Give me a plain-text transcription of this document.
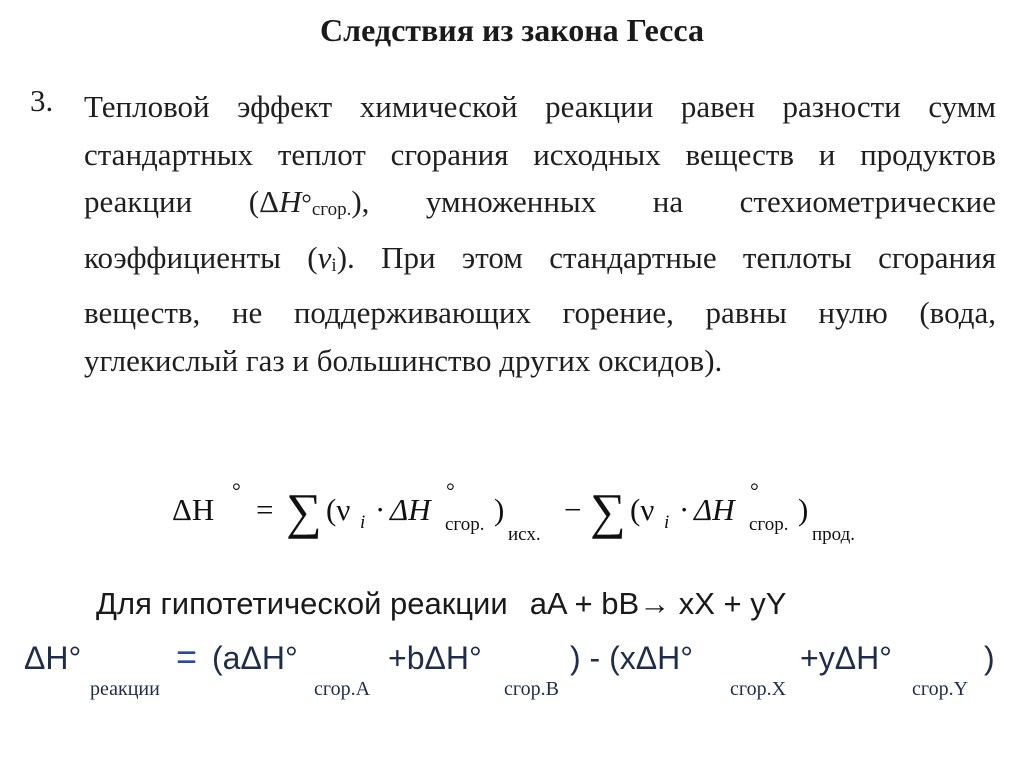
Следствия из закона Гесса
3. Тепловой эффект химической реакции равен разности сумм стандартных теплот сгорания исходных веществ и продуктов реакции $(\Delta H^\circ_{сгор.})$, умноженных на стехиометрические коэффициенты $(v_i)$. При этом стандартные теплоты сгорания веществ, не поддерживающих горение, равны нулю (вода, углекислый газ и большинство других оксидов).
ΔH
°
= ∑ (ν i · ΔH
°
сгор. )
исх.
− ∑ (ν i · ΔH
°
сгор. )
прод.
Для гипотетической реакции aA + bB→ xX + yY
ΔH°
реакции
= (aΔH°
сгор.A
+bΔH°
сгор.B
) - (xΔH°
сгор.X
+yΔH°
сгор.Y
)
